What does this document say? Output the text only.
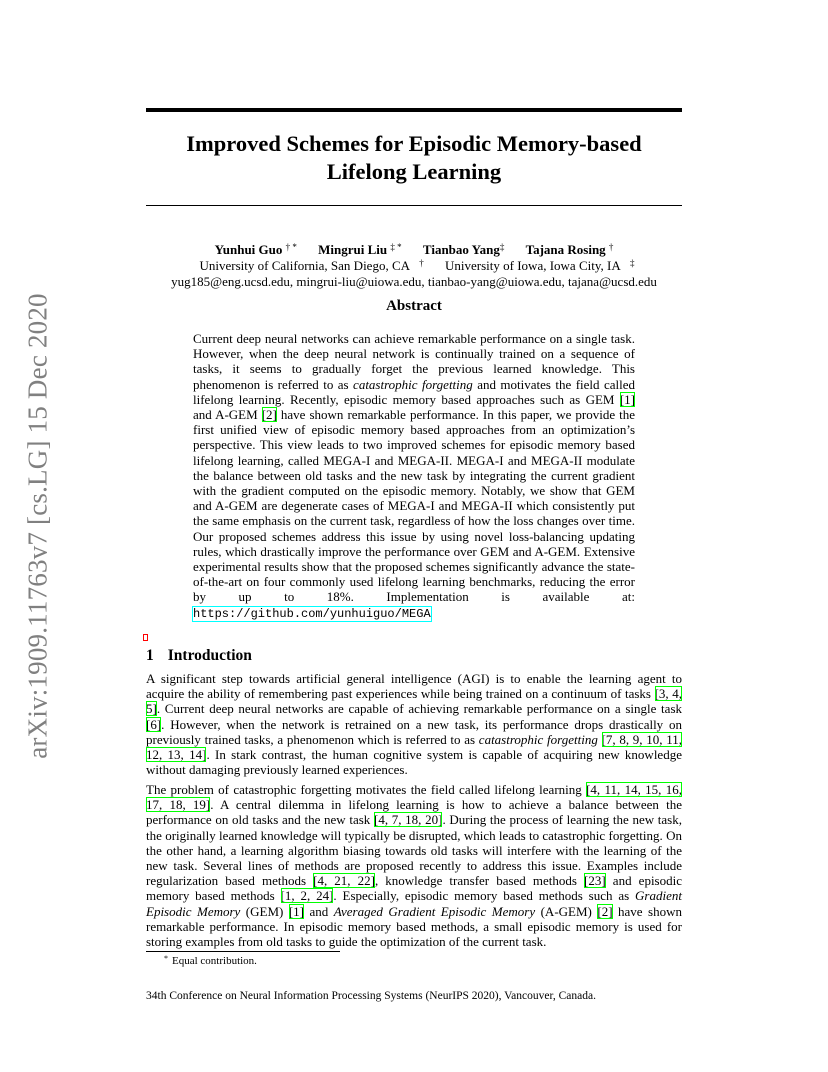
arXiv:1909.11763v7 [cs.LG] 15 Dec 2020
Improved Schemes for Episodic Memory-based
Lifelong Learning
Yunhui Guo † * Mingrui Liu ‡ * Tianbao Yang‡ Tajana Rosing †
University of California, San Diego, CA † University of Iowa, Iowa City, IA ‡
yug185@eng.ucsd.edu, mingrui-liu@uiowa.edu, tianbao-yang@uiowa.edu, tajana@ucsd.edu
Abstract
Current deep neural networks can achieve remarkable performance on a single task. However, when the deep neural network is continually trained on a sequence of tasks, it seems to gradually forget the previous learned knowledge. This phenomenon is referred to as catastrophic forgetting and motivates the field called lifelong learning. Recently, episodic memory based approaches such as GEM [1] and A-GEM [2] have shown remarkable performance. In this paper, we provide the first unified view of episodic memory based approaches from an optimization’s perspective. This view leads to two improved schemes for episodic memory based lifelong learning, called MEGA-I and MEGA-II. MEGA-I and MEGA-II modulate the balance between old tasks and the new task by integrating the current gradient with the gradient computed on the episodic memory. Notably, we show that GEM and A-GEM are degenerate cases of MEGA-I and MEGA-II which consistently put the same emphasis on the current task, regardless of how the loss changes over time. Our proposed schemes address this issue by using novel loss-balancing updating rules, which drastically improve the performance over GEM and A-GEM. Extensive experimental results show that the proposed schemes significantly advance the state-of-the-art on four commonly used lifelong learning benchmarks, reducing the error by up to 18%. Implementation is available at: https://github.com/yunhuiguo/MEGA
1 Introduction
A significant step towards artificial general intelligence (AGI) is to enable the learning agent to acquire the ability of remembering past experiences while being trained on a continuum of tasks [3, 4, 5]. Current deep neural networks are capable of achieving remarkable performance on a single task [6]. However, when the network is retrained on a new task, its performance drops drastically on previously trained tasks, a phenomenon which is referred to as catastrophic forgetting [7, 8, 9, 10, 11, 12, 13, 14]. In stark contrast, the human cognitive system is capable of acquiring new knowledge without damaging previously learned experiences.
The problem of catastrophic forgetting motivates the field called lifelong learning [4, 11, 14, 15, 16, 17, 18, 19]. A central dilemma in lifelong learning is how to achieve a balance between the performance on old tasks and the new task [4, 7, 18, 20]. During the process of learning the new task, the originally learned knowledge will typically be disrupted, which leads to catastrophic forgetting. On the other hand, a learning algorithm biasing towards old tasks will interfere with the learning of the new task. Several lines of methods are proposed recently to address this issue. Examples include regularization based methods [4, 21, 22], knowledge transfer based methods [23] and episodic memory based methods [1, 2, 24]. Especially, episodic memory based methods such as Gradient Episodic Memory (GEM) [1] and Averaged Gradient Episodic Memory (A-GEM) [2] have shown remarkable performance. In episodic memory based methods, a small episodic memory is used for storing examples from old tasks to guide the optimization of the current task.
* Equal contribution.
34th Conference on Neural Information Processing Systems (NeurIPS 2020), Vancouver, Canada.
